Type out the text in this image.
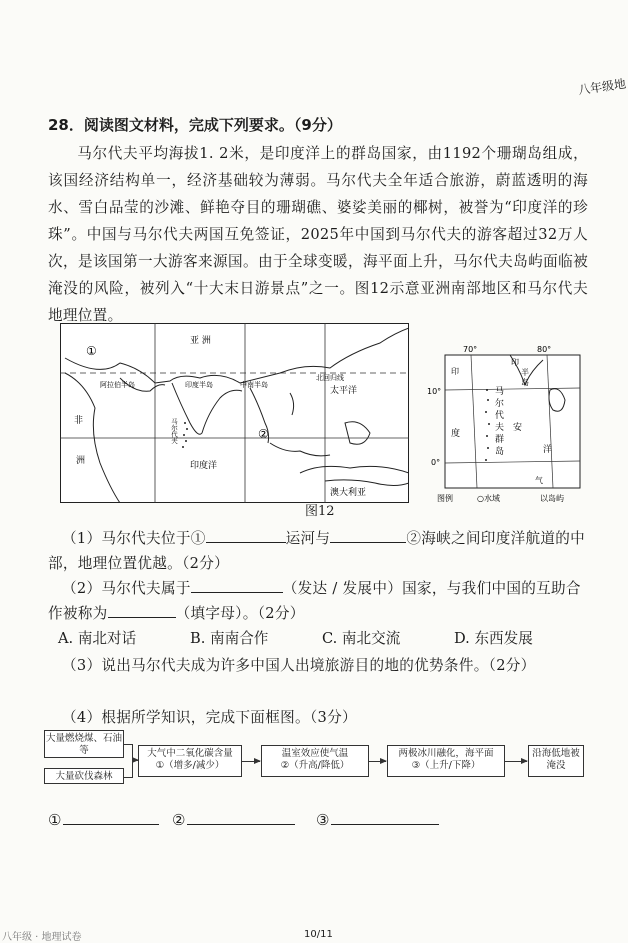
八年级地
28．阅读图文材料，完成下列要求。（9分）
马尔代夫平均海拔1. 2米，是印度洋上的群岛国家，由1192个珊瑚岛组成，该国经济结构单一，经济基础较为薄弱。马尔代夫全年适合旅游，蔚蓝透明的海水、雪白品莹的沙滩、鲜艳夺目的珊瑚礁、婆娑美丽的椰树，被誉为“印度洋的珍珠”。中国与马尔代夫两国互免签证，2025年中国到马尔代夫的游客超过32万人次，是该国第一大游客来源国。由于全球变暖，海平面上升，马尔代夫岛屿面临被淹没的风险，被列入“十大末日游景点”之一。图12示意亚洲南部地区和马尔代夫地理位置。
亚 洲
北回归线
阿拉伯半岛	印度半岛	中南半岛
非
洲
太平洋
印度洋
澳大利亚
①
②
马尔代夫
70°	80°
10°
0°
印
半
岛
印
马
尔
代
夫
群
岛
度
安
洋
气
图例	○水域	以岛屿
图12
（1）马尔代夫位于①	运河与	②海峡之间印度洋航道的中
部，地理位置优越。（2分）
（2）马尔代夫属于	（发达 / 发展中）国家，与我们中国的互助合
作被称为	（填字母）。（2分）
A. 南北对话	B. 南南合作	C. 南北交流	D. 东西发展
（3）说出马尔代夫成为许多中国人出境旅游目的地的优势条件。（2分）
（4）根据所学知识，完成下面框图。（3分）
大量燃烧煤、石油等
大量砍伐森林
大气中二氧化碳含量
①（增多/减少）
温室效应使气温
②（升高/降低）
两极冰川融化，海平面
③（上升/下降）
沿海低地被淹没
①	②	③
八年级 · 地理试卷	10/11
